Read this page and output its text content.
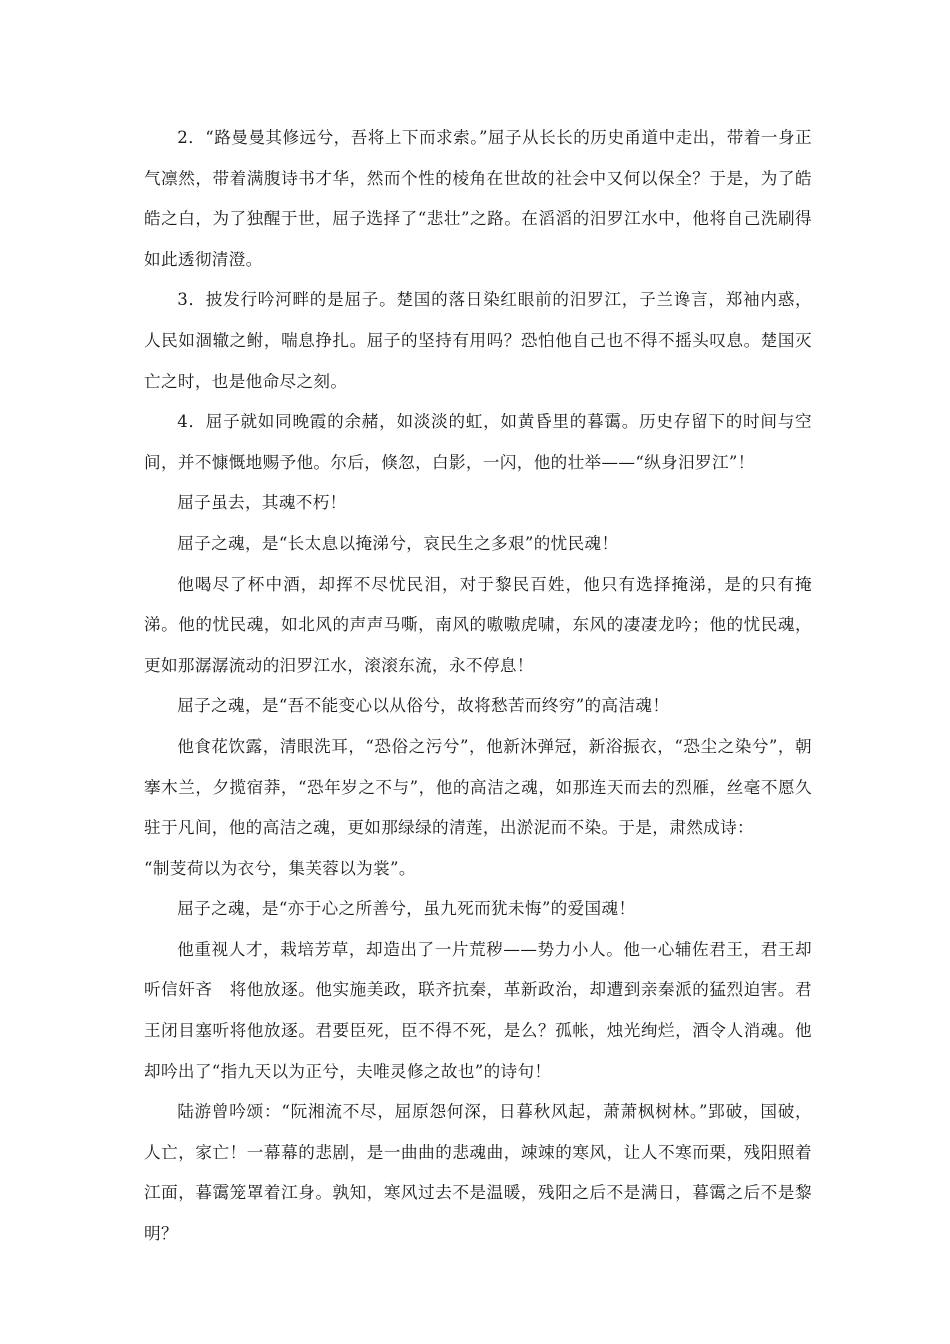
2．“路曼曼其修远兮，吾将上下而求索。”屈子从长长的历史甬道中走出，带着一身正气凛然，带着满腹诗书才华，然而个性的棱角在世故的社会中又何以保全？于是，为了皓皓之白，为了独醒于世，屈子选择了“悲壮”之路。在滔滔的汨罗江水中，他将自己洗刷得如此透彻清澄。

3．披发行吟河畔的是屈子。楚国的落日染红眼前的汨罗江，子兰谗言，郑袖内惑，人民如涸辙之鲋，喘息挣扎。屈子的坚持有用吗？恐怕他自己也不得不摇头叹息。楚国灭亡之时，也是他命尽之刻。

4．屈子就如同晚霞的余赭，如淡淡的虹，如黄昏里的暮霭。历史存留下的时间与空间，并不慷慨地赐予他。尔后，倏忽，白影，一闪，他的壮举——“纵身汨罗江”！

屈子虽去，其魂不朽！

屈子之魂，是“长太息以掩涕兮，哀民生之多艰”的忧民魂！

他喝尽了杯中酒，却挥不尽忧民泪，对于黎民百姓，他只有选择掩涕，是的只有掩涕。他的忧民魂，如北风的声声马嘶，南风的嗷嗷虎啸，东风的凄凄龙吟；他的忧民魂，更如那潺潺流动的汨罗江水，滚滚东流，永不停息！

屈子之魂，是“吾不能变心以从俗兮，故将愁苦而终穷”的高洁魂！

他食花饮露，清眼洗耳，“恐俗之污兮”，他新沐弹冠，新浴振衣，“恐尘之染兮”，朝搴木兰，夕揽宿莽，“恐年岁之不与”，他的高洁之魂，如那连天而去的烈雁，丝毫不愿久驻于凡间，他的高洁之魂，更如那绿绿的清莲，出淤泥而不染。于是，肃然成诗：

“制芰荷以为衣兮，集芙蓉以为裳”。

屈子之魂，是“亦于心之所善兮，虽九死而犹未悔”的爱国魂！

他重视人才，栽培芳草，却造出了一片荒秽——势力小人。他一心辅佐君王，君王却听信奸吝　将他放逐。他实施美政，联齐抗秦，革新政治，却遭到亲秦派的猛烈迫害。君王闭目塞听将他放逐。君要臣死，臣不得不死，是么？孤帐，烛光绚烂，酒令人消魂。他却吟出了“指九天以为正兮，夫唯灵修之故也”的诗句！

陆游曾吟颂：“阮湘流不尽，屈原怨何深，日暮秋风起，萧萧枫树林。”郢破，国破，人亡，家亡！一幕幕的悲剧，是一曲曲的悲魂曲，竦竦的寒风，让人不寒而栗，残阳照着江面，暮霭笼罩着江身。孰知，寒风过去不是温暖，残阳之后不是满日，暮霭之后不是黎明？
